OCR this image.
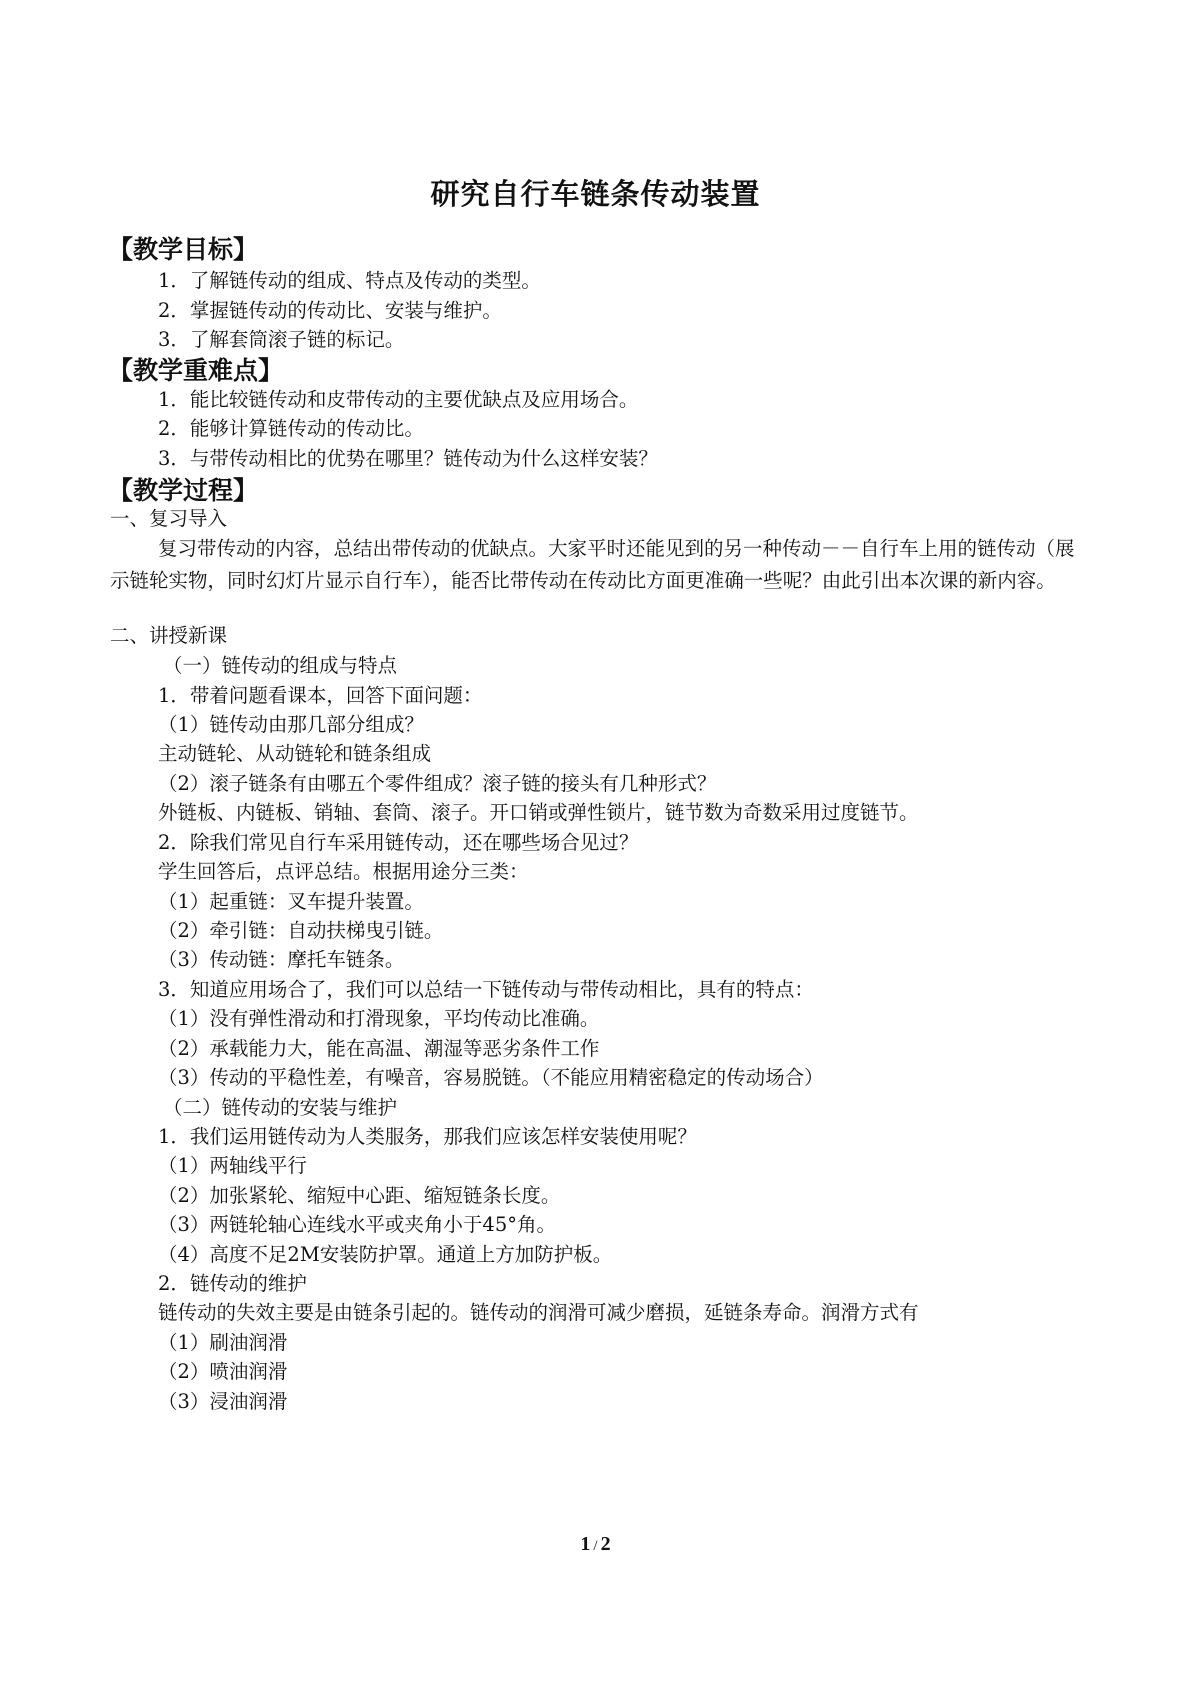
研究自行车链条传动装置
【教学目标】
1．了解链传动的组成、特点及传动的类型。
2．掌握链传动的传动比、安装与维护。
3．了解套筒滚子链的标记。
【教学重难点】
1．能比较链传动和皮带传动的主要优缺点及应用场合。
2．能够计算链传动的传动比。
3．与带传动相比的优势在哪里？链传动为什么这样安装？
【教学过程】
一、复习导入
复习带传动的内容，总结出带传动的优缺点。大家平时还能见到的另一种传动－－自行车上用的链传动（展示链轮实物，同时幻灯片显示自行车），能否比带传动在传动比方面更准确一些呢？由此引出本次课的新内容。
二、讲授新课
（一）链传动的组成与特点
1．带着问题看课本，回答下面问题：
（1）链传动由那几部分组成？
主动链轮、从动链轮和链条组成
（2）滚子链条有由哪五个零件组成？滚子链的接头有几种形式？
外链板、内链板、销轴、套筒、滚子。开口销或弹性锁片，链节数为奇数采用过度链节。
2．除我们常见自行车采用链传动，还在哪些场合见过？
学生回答后，点评总结。根据用途分三类：
（1）起重链：叉车提升装置。
（2）牵引链：自动扶梯曳引链。
（3）传动链：摩托车链条。
3．知道应用场合了，我们可以总结一下链传动与带传动相比，具有的特点：
（1）没有弹性滑动和打滑现象，平均传动比准确。
（2）承载能力大，能在高温、潮湿等恶劣条件工作
（3）传动的平稳性差，有噪音，容易脱链。（不能应用精密稳定的传动场合）
（二）链传动的安装与维护
1．我们运用链传动为人类服务，那我们应该怎样安装使用呢？
（1）两轴线平行
（2）加张紧轮、缩短中心距、缩短链条长度。
（3）两链轮轴心连线水平或夹角小于45°角。
（4）高度不足2M安装防护罩。通道上方加防护板。
2．链传动的维护
链传动的失效主要是由链条引起的。链传动的润滑可减少磨损，延链条寿命。润滑方式有
（1）刷油润滑
（2）喷油润滑
（3）浸油润滑
1 / 2
